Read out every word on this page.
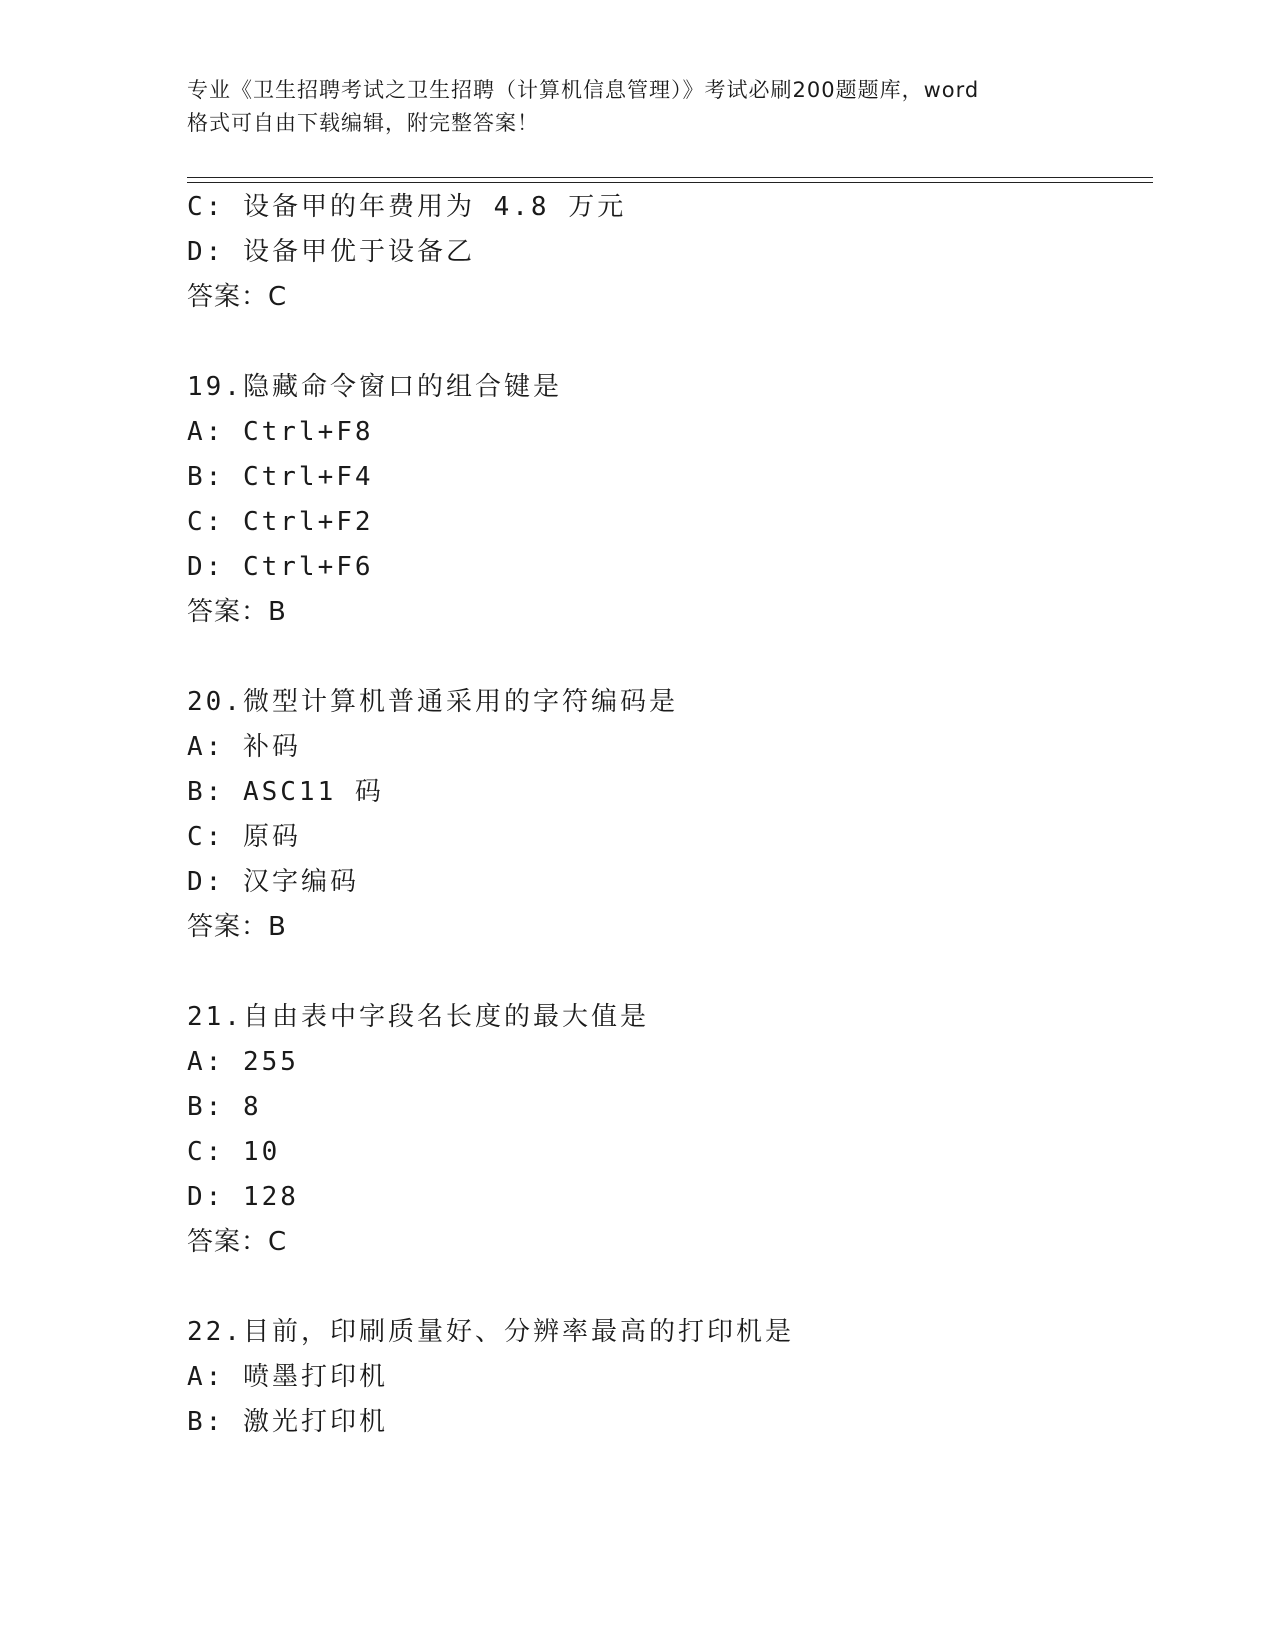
专业《卫生招聘考试之卫生招聘（计算机信息管理）》考试必刷200题题库，word
格式可自由下载编辑，附完整答案！
C: 设备甲的年费用为 4.8 万元
D: 设备甲优于设备乙
答案：C
19.隐藏命令窗口的组合键是
A: Ctrl+F8
B: Ctrl+F4
C: Ctrl+F2
D: Ctrl+F6
答案：B
20.微型计算机普通采用的字符编码是
A: 补码
B: ASC11 码
C: 原码
D: 汉字编码
答案：B
21.自由表中字段名长度的最大值是
A: 255
B: 8
C: 10
D: 128
答案：C
22.目前，印刷质量好、分辨率最高的打印机是
A: 喷墨打印机
B: 激光打印机
